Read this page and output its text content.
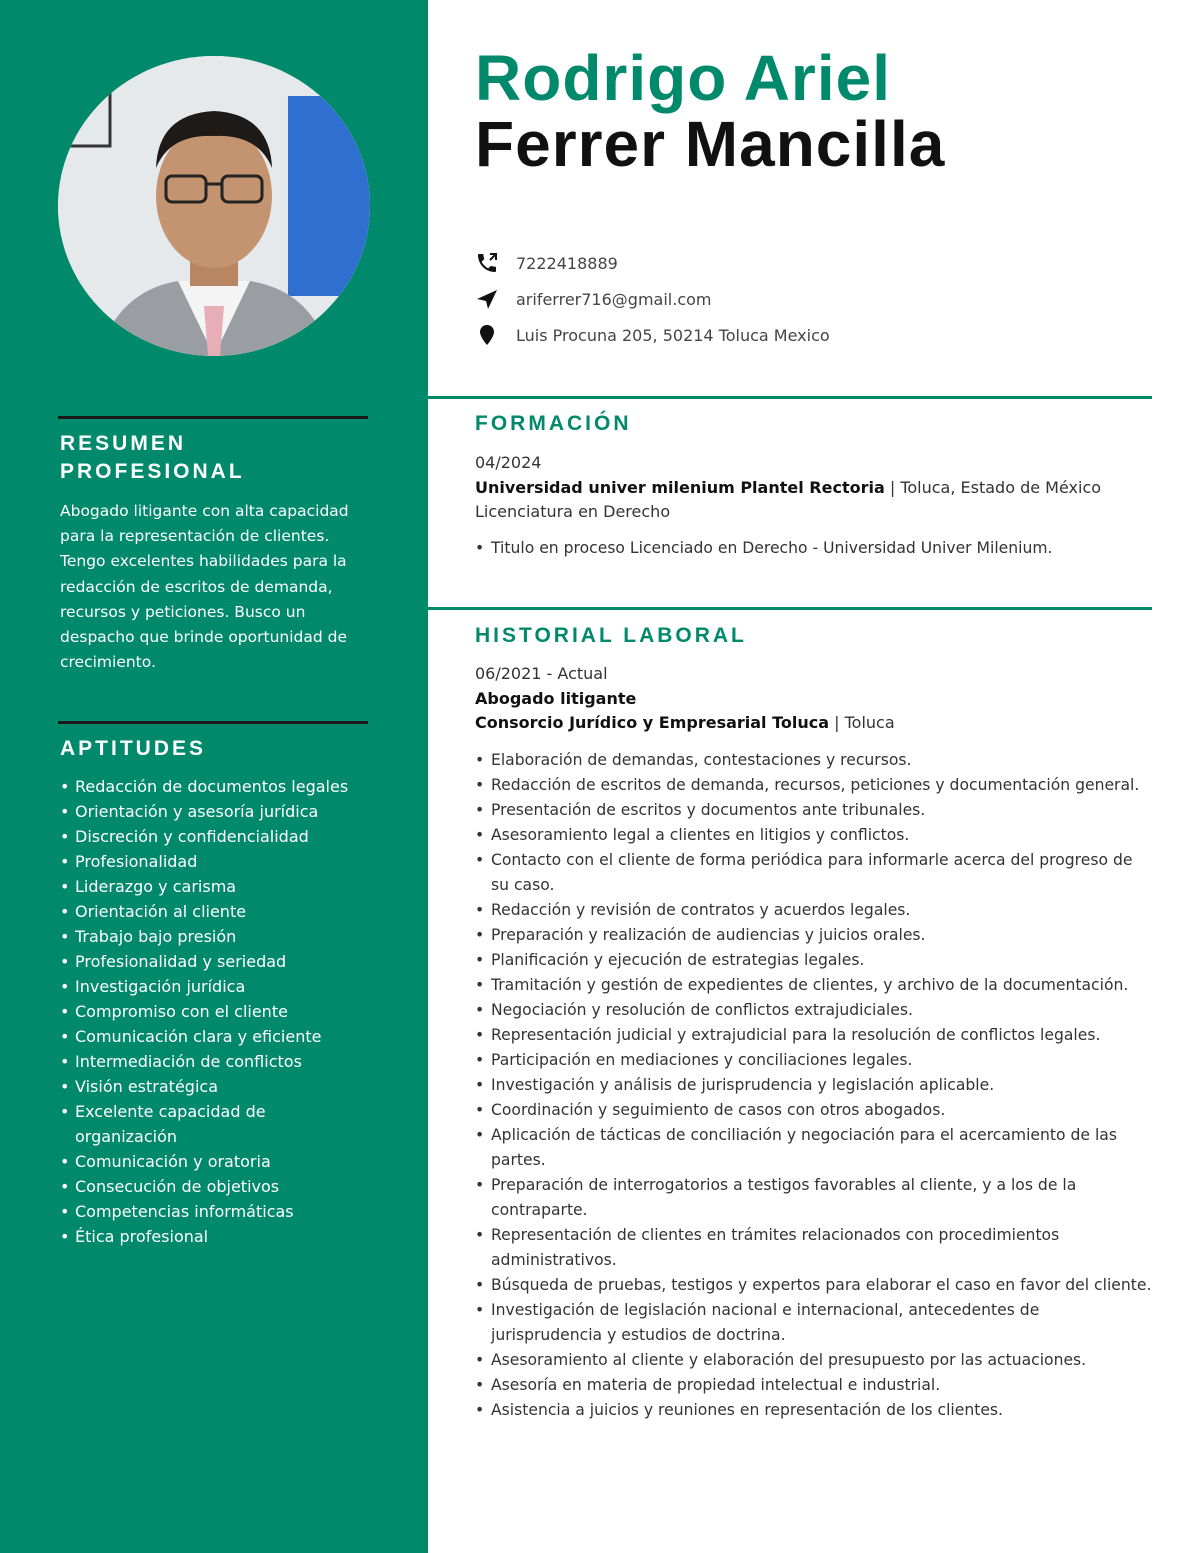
RESUMEN PROFESIONAL
Abogado litigante con alta capacidad para la representación de clientes. Tengo excelentes habilidades para la redacción de escritos de demanda, recursos y peticiones. Busco un despacho que brinde oportunidad de crecimiento.
APTITUDES
• Redacción de documentos legales
• Orientación y asesoría jurídica
• Discreción y confidencialidad
• Profesionalidad
• Liderazgo y carisma
• Orientación al cliente
• Trabajo bajo presión
• Profesionalidad y seriedad
• Investigación jurídica
• Compromiso con el cliente
• Comunicación clara y eficiente
• Intermediación de conflictos
• Visión estratégica
• Excelente capacidad de organización
• Comunicación y oratoria
• Consecución de objetivos
• Competencias informáticas
• Ética profesional
Rodrigo Ariel
Ferrer Mancilla
7222418889
ariferrer716@gmail.com
Luis Procuna 205, 50214 Toluca Mexico
FORMACIÓN
04/2024
Universidad univer milenium Plantel Rectoria | Toluca, Estado de México
Licenciatura en Derecho
• Titulo en proceso Licenciado en Derecho - Universidad Univer Milenium.
HISTORIAL LABORAL
06/2021 - Actual
Abogado litigante
Consorcio Jurídico y Empresarial Toluca | Toluca
• Elaboración de demandas, contestaciones y recursos.
• Redacción de escritos de demanda, recursos, peticiones y documentación general.
• Presentación de escritos y documentos ante tribunales.
• Asesoramiento legal a clientes en litigios y conflictos.
• Contacto con el cliente de forma periódica para informarle acerca del progreso de su caso.
• Redacción y revisión de contratos y acuerdos legales.
• Preparación y realización de audiencias y juicios orales.
• Planificación y ejecución de estrategias legales.
• Tramitación y gestión de expedientes de clientes, y archivo de la documentación.
• Negociación y resolución de conflictos extrajudiciales.
• Representación judicial y extrajudicial para la resolución de conflictos legales.
• Participación en mediaciones y conciliaciones legales.
• Investigación y análisis de jurisprudencia y legislación aplicable.
• Coordinación y seguimiento de casos con otros abogados.
• Aplicación de tácticas de conciliación y negociación para el acercamiento de las partes.
• Preparación de interrogatorios a testigos favorables al cliente, y a los de la contraparte.
• Representación de clientes en trámites relacionados con procedimientos administrativos.
• Búsqueda de pruebas, testigos y expertos para elaborar el caso en favor del cliente.
• Investigación de legislación nacional e internacional, antecedentes de jurisprudencia y estudios de doctrina.
• Asesoramiento al cliente y elaboración del presupuesto por las actuaciones.
• Asesoría en materia de propiedad intelectual e industrial.
• Asistencia a juicios y reuniones en representación de los clientes.
